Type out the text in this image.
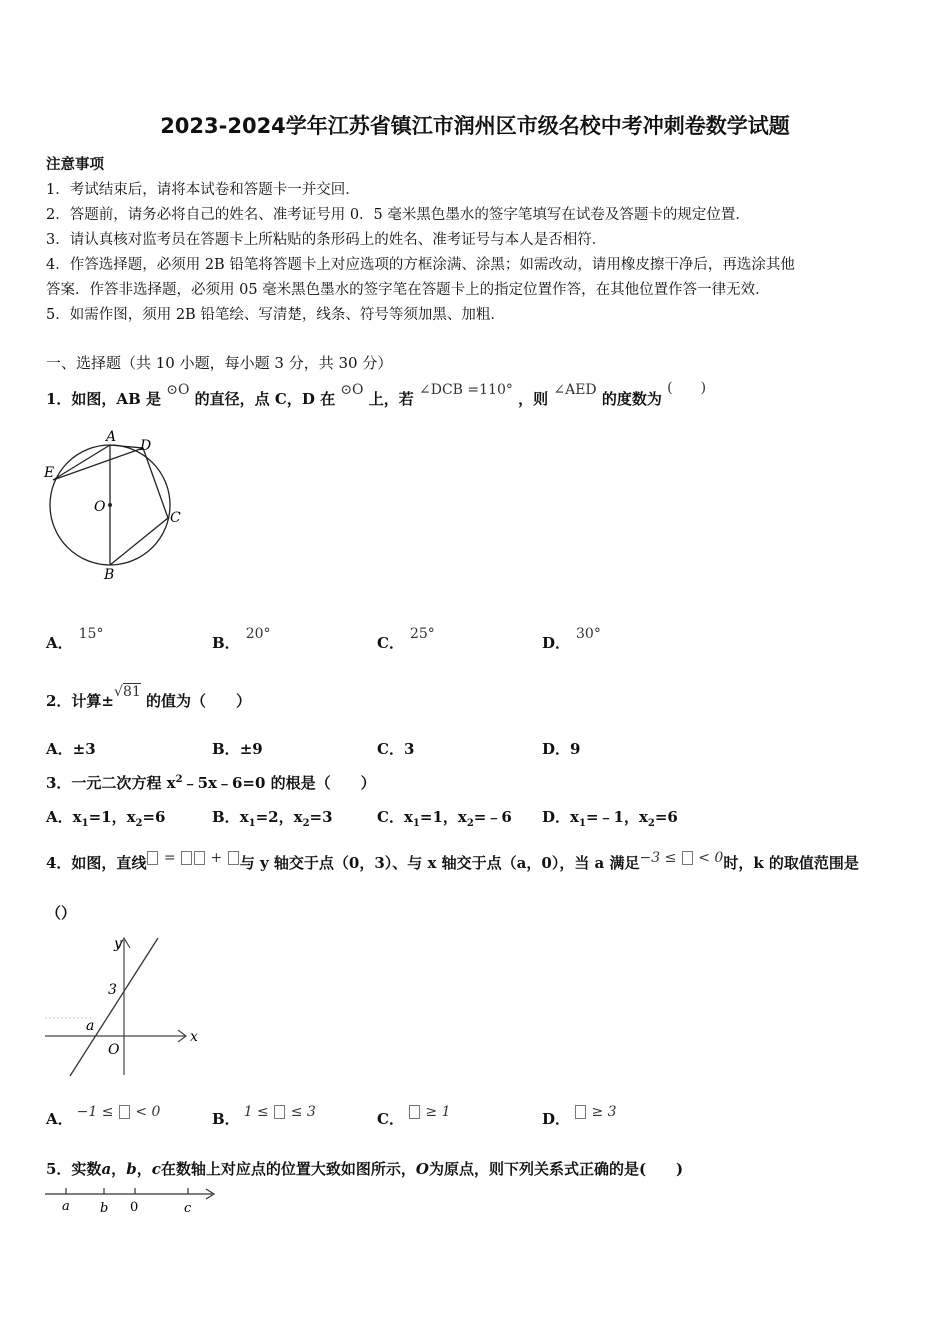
2023-2024学年江苏省镇江市润州区市级名校中考冲刺卷数学试题
注意事项
1．考试结束后，请将本试卷和答题卡一并交回．
2．答题前，请务必将自己的姓名、准考证号用 0．5 毫米黑色墨水的签字笔填写在试卷及答题卡的规定位置．
3．请认真核对监考员在答题卡上所粘贴的条形码上的姓名、准考证号与本人是否相符．
4．作答选择题，必须用 2B 铅笔将答题卡上对应选项的方框涂满、涂黑；如需改动，请用橡皮擦干净后，再选涂其他
答案．作答非选择题，必须用 05 毫米黑色墨水的签字笔在答题卡上的指定位置作答，在其他位置作答一律无效．
5．如需作图，须用 2B 铅笔绘、写清楚，线条、符号等须加黑、加粗．
一、选择题（共 10 小题，每小题 3 分，共 30 分）
1．如图，AB 是 ⊙O 的直径，点 C，D 在 ⊙O 上，若 ∠DCB =110° ，则 ∠AED 的度数为 (　　)
A
D
E
O
C
B
A． 15°	B． 20°	C． 25°	D． 30°
2．计算±√81 的值为（　　）
A．±3	B．±9	C．3	D．9
3．一元二次方程 $x^2﹣5x﹣6=0$ 的根是（　　）
A．$x_1=1$，$x_2=6$	B．$x_1=2$，$x_2=3$	C．$x_1=1$，$x_2=﹣6$ D．$x_1=﹣1$，$x_2=6$
4．如图，直线 = + 与 y 轴交于点（0，3）、与 x 轴交于点（a，0），当 a 满足−3 ≤ < 0时，k 的取值范围是
（）
y
x
3
a
O
A． −1 ≤ < 0	B． 1 ≤ ≤ 3	C． ≥ 1	D． ≥ 3
5．实数a，b，c在数轴上对应点的位置大致如图所示，O为原点，则下列关系式正确的是(　　)
a b 0	c
